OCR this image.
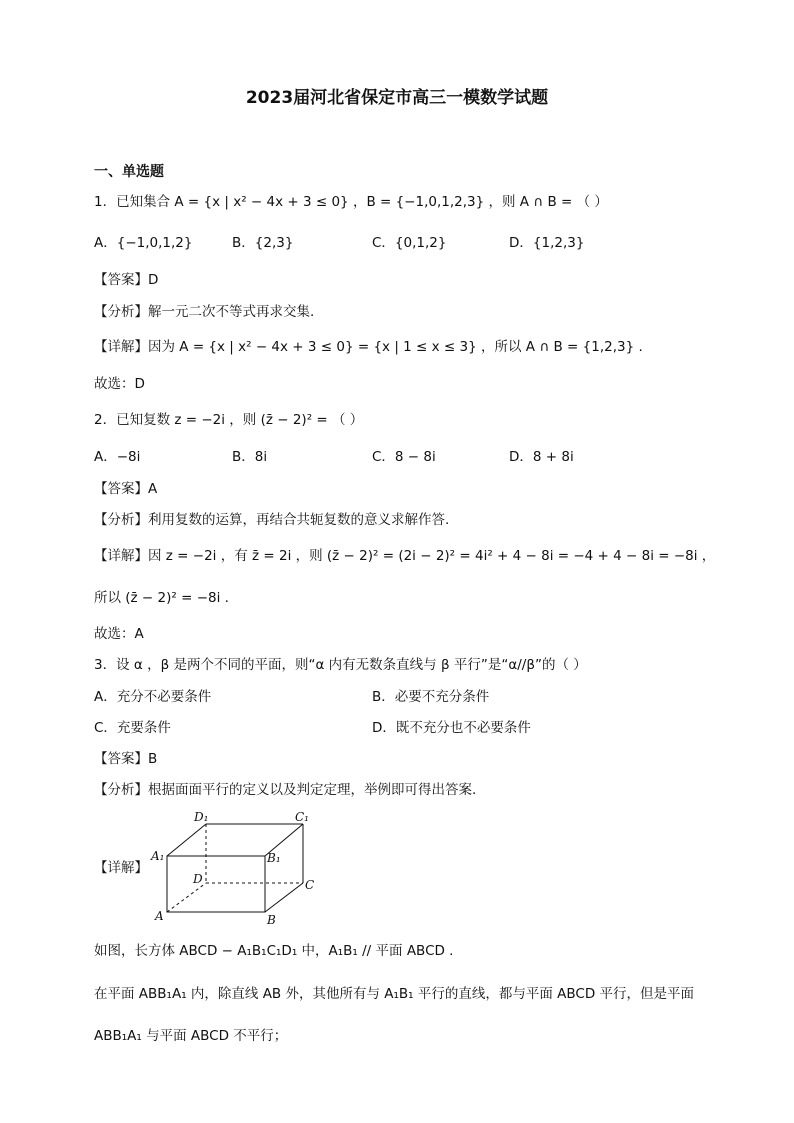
2023届河北省保定市高三一模数学试题
一、单选题
1．已知集合 A = {x | x² − 4x + 3 ≤ 0} ，B = {−1,0,1,2,3} ，则 A ∩ B = （ ）
A．{−1,0,1,2}	B．{2,3}	C．{0,1,2}	D．{1,2,3}
【答案】D
【分析】解一元二次不等式再求交集.
【详解】因为 A = {x | x² − 4x + 3 ≤ 0} = {x | 1 ≤ x ≤ 3} ，所以 A ∩ B = {1,2,3} .
故选：D
2．已知复数 z = −2i ，则 (z̄ − 2)² = （ ）
A．−8i	B．8i	C．8 − 8i	D．8 + 8i
【答案】A
【分析】利用复数的运算，再结合共轭复数的意义求解作答.
【详解】因 z = −2i ，有 z̄ = 2i ，则 (z̄ − 2)² = (2i − 2)² = 4i² + 4 − 8i = −4 + 4 − 8i = −8i ，
所以 (z̄ − 2)² = −8i .
故选：A
3．设 α ，β 是两个不同的平面，则“α 内有无数条直线与 β 平行”是“α//β”的（ ）
A．充分不必要条件	B．必要不充分条件
C．充要条件	D．既不充分也不必要条件
【答案】B
【分析】根据面面平行的定义以及判定定理，举例即可得出答案.
【详解】
D₁	C₁
A₁	B₁
D	C
A	B
如图，长方体 ABCD − A₁B₁C₁D₁ 中，A₁B₁ // 平面 ABCD .
在平面 ABB₁A₁ 内，除直线 AB 外，其他所有与 A₁B₁ 平行的直线，都与平面 ABCD 平行，但是平面
ABB₁A₁ 与平面 ABCD 不平行；
